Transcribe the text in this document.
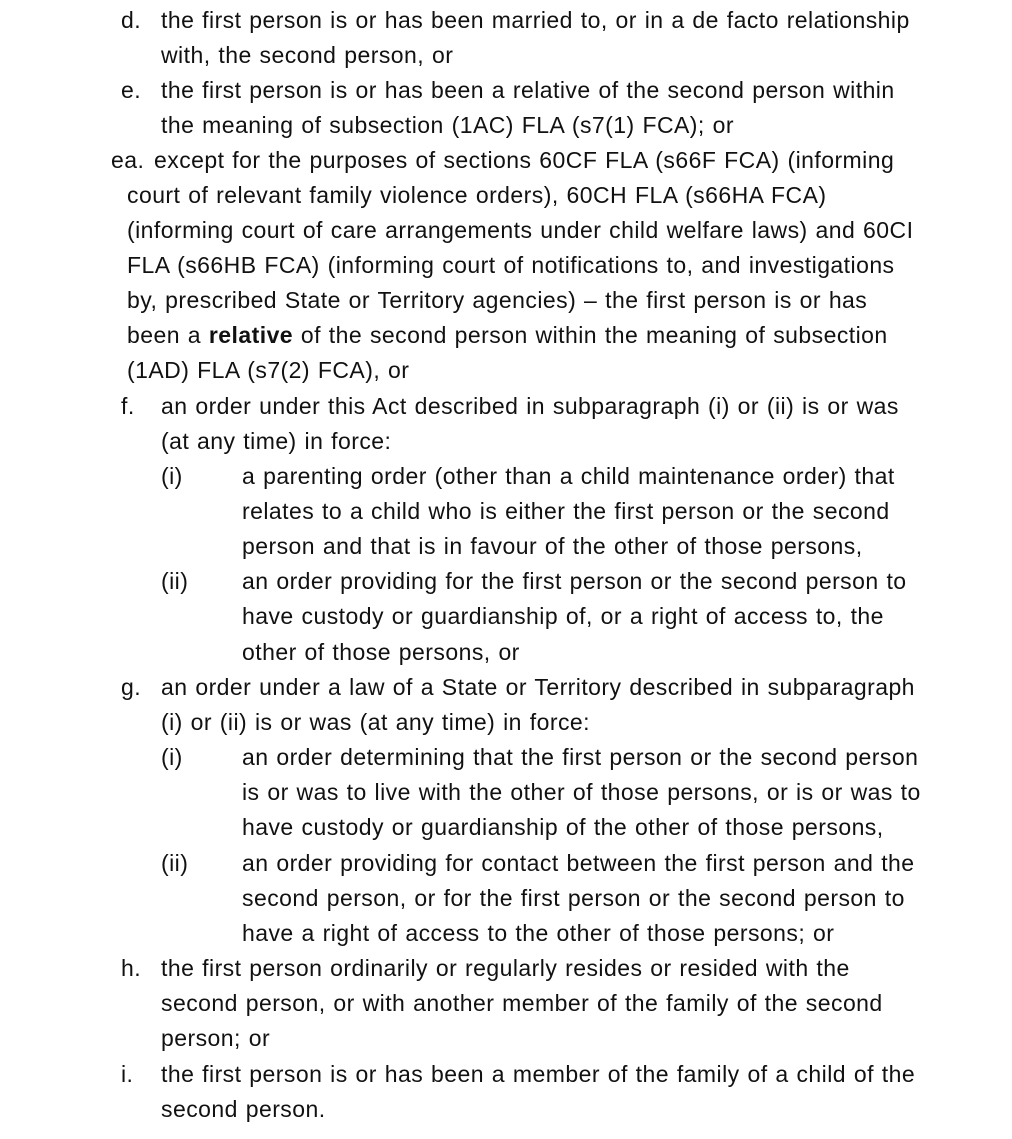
d. the first person is or has been married to, or in a de facto relationship
with, the second person, or
e. the first person is or has been a relative of the second person within
the meaning of subsection (1AC) FLA (s7(1) FCA); or
ea. except for the purposes of sections 60CF FLA (s66F FCA) (informing
court of relevant family violence orders), 60CH FLA (s66HA FCA)
(informing court of care arrangements under child welfare laws) and 60CI
FLA (s66HB FCA) (informing court of notifications to, and investigations
by, prescribed State or Territory agencies) – the first person is or has
been a relative of the second person within the meaning of subsection
(1AD) FLA (s7(2) FCA), or
f. an order under this Act described in subparagraph (i) or (ii) is or was
(at any time) in force:
(i)	a parenting order (other than a child maintenance order) that
relates to a child who is either the first person or the second
person and that is in favour of the other of those persons,
(ii) an order providing for the first person or the second person to
have custody or guardianship of, or a right of access to, the
other of those persons, or
g. an order under a law of a State or Territory described in subparagraph
(i) or (ii) is or was (at any time) in force:
(i)	an order determining that the first person or the second person
is or was to live with the other of those persons, or is or was to
have custody or guardianship of the other of those persons,
(ii) an order providing for contact between the first person and the
second person, or for the first person or the second person to
have a right of access to the other of those persons; or
h. the first person ordinarily or regularly resides or resided with the
second person, or with another member of the family of the second
person; or
i. the first person is or has been a member of the family of a child of the
second person.
